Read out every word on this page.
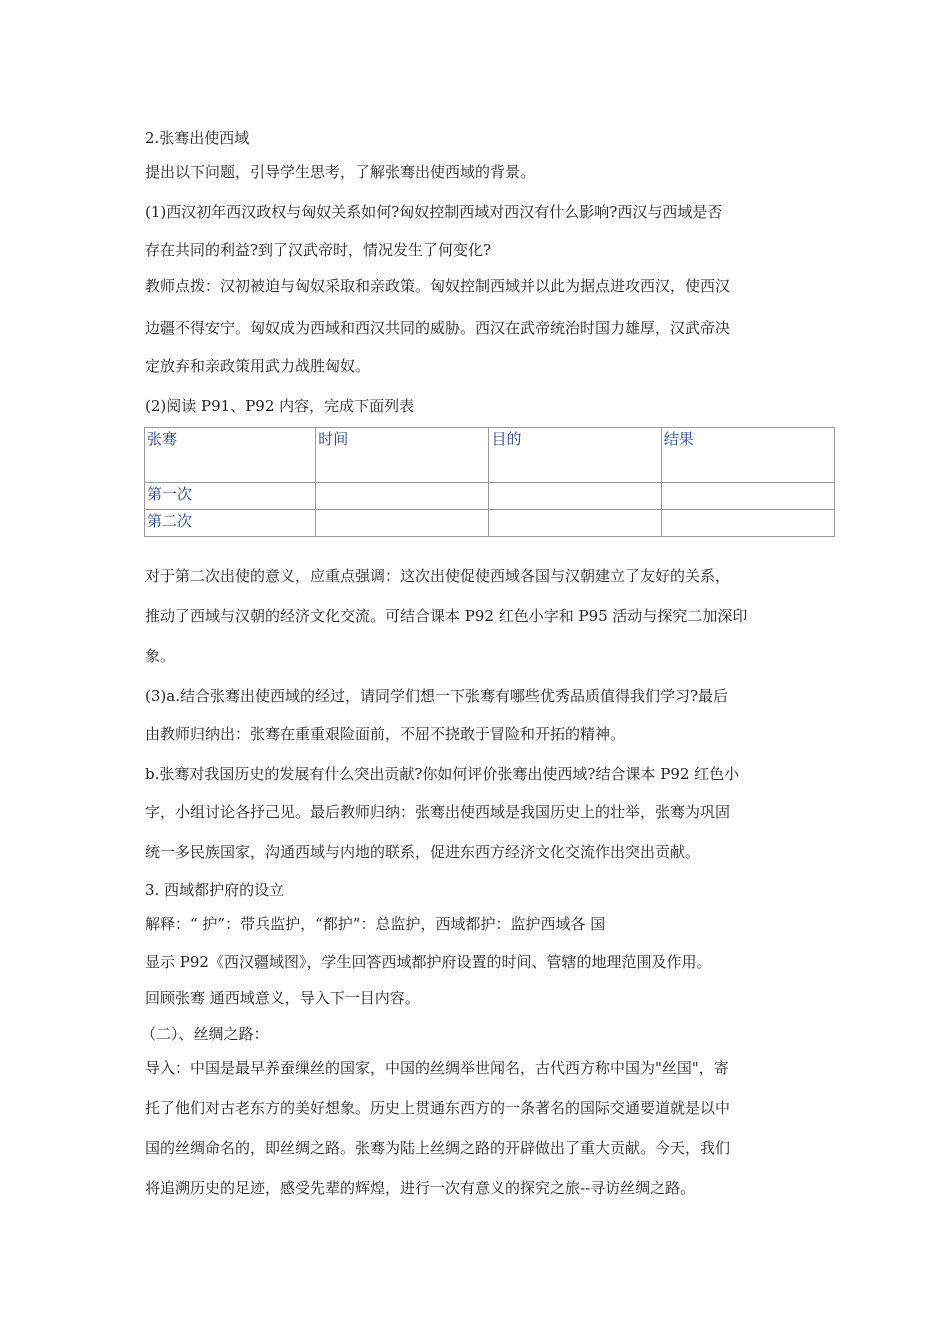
2.张骞出使西域
提出以下问题，引导学生思考，了解张骞出使西域的背景。
(1)西汉初年西汉政权与匈奴关系如何?匈奴控制西域对西汉有什么影响?西汉与西域是否
存在共同的利益?到了汉武帝时，情况发生了何变化?
教师点拨：汉初被迫与匈奴采取和亲政策。匈奴控制西域并以此为据点进攻西汉，使西汉
边疆不得安宁。匈奴成为西域和西汉共同的威胁。西汉在武帝统治时国力雄厚，汉武帝决
定放弃和亲政策用武力战胜匈奴。
(2)阅读 P91、P92 内容，完成下面列表
张骞	时间	目的	结果
第一次			
第二次			
对于第二次出使的意义，应重点强调：这次出使促使西域各国与汉朝建立了友好的关系，
推动了西域与汉朝的经济文化交流。可结合课本 P92 红色小字和 P95 活动与探究二加深印
象。
(3)a.结合张骞出使西域的经过，请同学们想一下张骞有哪些优秀品质值得我们学习?最后
由教师归纳出：张骞在重重艰险面前，不屈不挠敢于冒险和开拓的精神。
b.张骞对我国历史的发展有什么突出贡献?你如何评价张骞出使西域?结合课本 P92 红色小
字，小组讨论各抒己见。最后教师归纳：张骞出使西域是我国历史上的壮举，张骞为巩固
统一多民族国家，沟通西域与内地的联系，促进东西方经济文化交流作出突出贡献。
3. 西域都护府的设立
解释：“ 护”：带兵监护，“都护”：总监护，西域都护：监护西域各 国
显示 P92《西汉疆域图》，学生回答西域都护府设置的时间、管辖的地理范围及作用。
回顾张骞 通西域意义，导入下一目内容。
（二）、丝绸之路：
导入：中国是最早养蚕缫丝的国家，中国的丝绸举世闻名，古代西方称中国为"丝国"，寄
托了他们对古老东方的美好想象。历史上贯通东西方的一条著名的国际交通要道就是以中
国的丝绸命名的，即丝绸之路。张骞为陆上丝绸之路的开辟做出了重大贡献。今天，我们
将追溯历史的足迹，感受先辈的辉煌，进行一次有意义的探究之旅--寻访丝绸之路。
